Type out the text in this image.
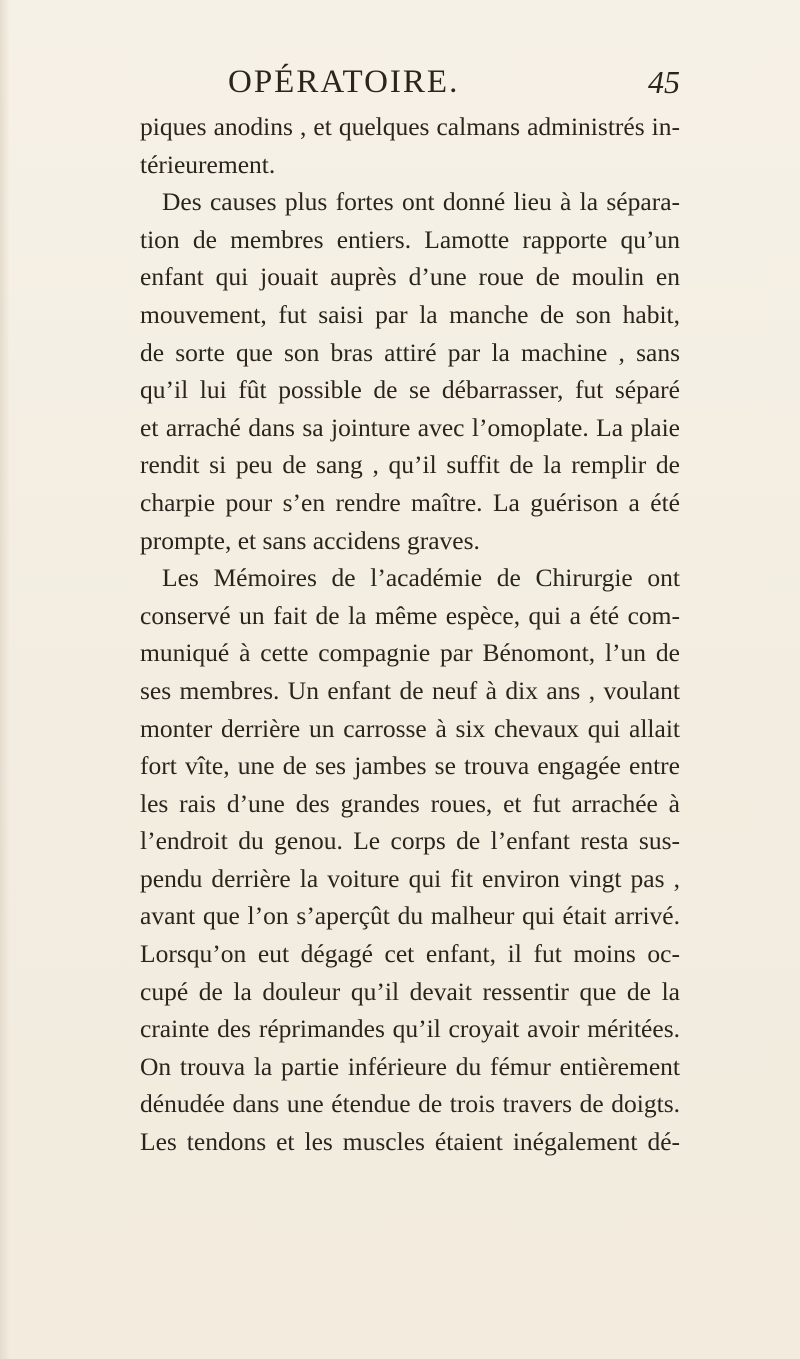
OPÉRATOIRE.	45
piques anodins , et quelques calmans administrés in-
térieurement.
Des causes plus fortes ont donné lieu à la sépara-
tion de membres entiers. Lamotte rapporte qu’un
enfant qui jouait auprès d’une roue de moulin en
mouvement, fut saisi par la manche de son habit,
de sorte que son bras attiré par la machine , sans
qu’il lui fût possible de se débarrasser, fut séparé
et arraché dans sa jointure avec l’omoplate. La plaie
rendit si peu de sang , qu’il suffit de la remplir de
charpie pour s’en rendre maître. La guérison a été
prompte, et sans accidens graves.
Les Mémoires de l’académie de Chirurgie ont
conservé un fait de la même espèce, qui a été com-
muniqué à cette compagnie par Bénomont, l’un de
ses membres. Un enfant de neuf à dix ans , voulant
monter derrière un carrosse à six chevaux qui allait
fort vîte, une de ses jambes se trouva engagée entre
les rais d’une des grandes roues, et fut arrachée à
l’endroit du genou. Le corps de l’enfant resta sus-
pendu derrière la voiture qui fit environ vingt pas ,
avant que l’on s’aperçût du malheur qui était arrivé.
Lorsqu’on eut dégagé cet enfant, il fut moins oc-
cupé de la douleur qu’il devait ressentir que de la
crainte des réprimandes qu’il croyait avoir méritées.
On trouva la partie inférieure du fémur entièrement
dénudée dans une étendue de trois travers de doigts.
Les tendons et les muscles étaient inégalement dé-
